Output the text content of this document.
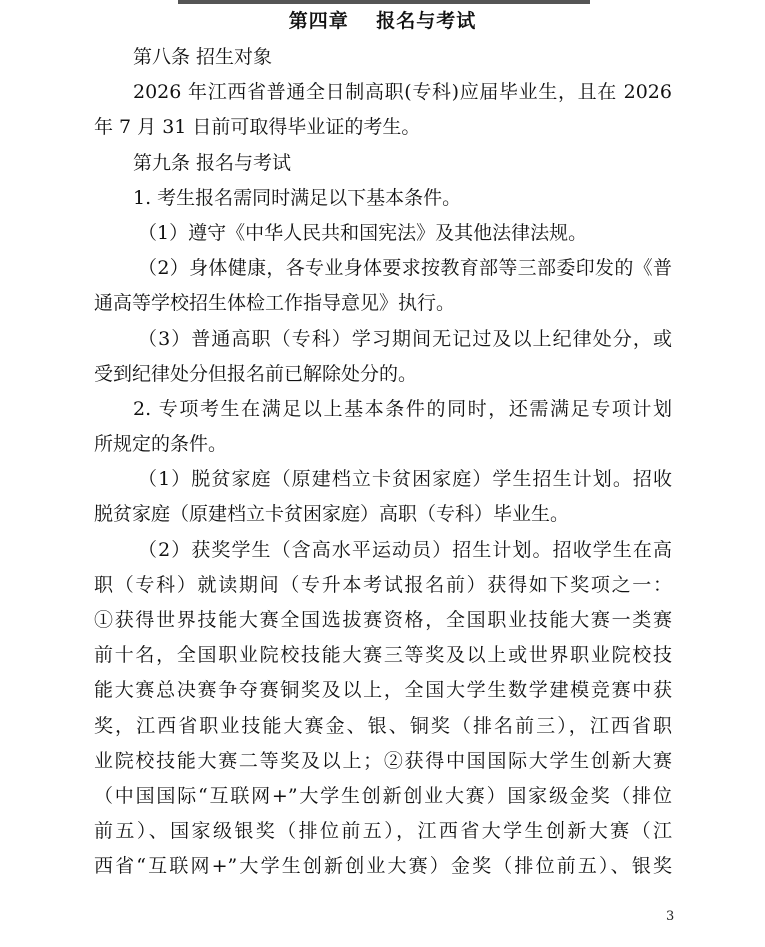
第四章　 报名与考试
第八条 招生对象
2026 年江西省普通全日制高职(专科)应届毕业生，且在 2026
年 7 月 31 日前可取得毕业证的考生。
第九条 报名与考试
1. 考生报名需同时满足以下基本条件。
（1）遵守《中华人民共和国宪法》及其他法律法规。
（2）身体健康，各专业身体要求按教育部等三部委印发的《普
通高等学校招生体检工作指导意见》执行。
（3）普通高职（专科）学习期间无记过及以上纪律处分，或
受到纪律处分但报名前已解除处分的。
2. 专项考生在满足以上基本条件的同时，还需满足专项计划
所规定的条件。
（1）脱贫家庭（原建档立卡贫困家庭）学生招生计划。招收
脱贫家庭（原建档立卡贫困家庭）高职（专科）毕业生。
（2）获奖学生（含高水平运动员）招生计划。招收学生在高
职（专科）就读期间（专升本考试报名前）获得如下奖项之一：
①获得世界技能大赛全国选拔赛资格，全国职业技能大赛一类赛
前十名，全国职业院校技能大赛三等奖及以上或世界职业院校技
能大赛总决赛争夺赛铜奖及以上，全国大学生数学建模竞赛中获
奖，江西省职业技能大赛金、银、铜奖（排名前三），江西省职
业院校技能大赛二等奖及以上；②获得中国国际大学生创新大赛
（中国国际“互联网+”大学生创新创业大赛）国家级金奖（排位
前五）、国家级银奖（排位前五），江西省大学生创新大赛（江
西省“互联网+”大学生创新创业大赛）金奖（排位前五）、银奖
3
